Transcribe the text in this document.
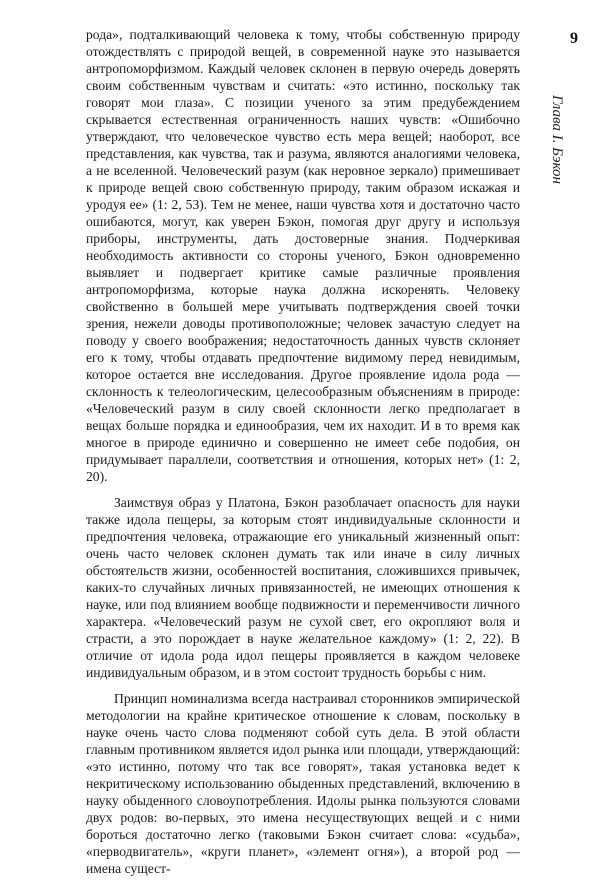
рода», подталкивающий человека к тому, чтобы собственную природу отождествлять с природой вещей, в современной науке это называется антропоморфизмом. Каждый человек склонен в первую очередь доверять своим собственным чувствам и считать: «это истинно, поскольку так говорят мои глаза». С позиции ученого за этим предубеждением скрывается естественная ограниченность наших чувств: «Ошибочно утверждают, что человеческое чувство есть мера вещей; наоборот, все представления, как чувства, так и разума, являются аналогиями человека, а не вселенной. Человеческий разум (как неровное зеркало) примешивает к природе вещей свою собственную природу, таким образом искажая и уродуя ее» (1: 2, 53). Тем не менее, наши чувства хотя и достаточно часто ошибаются, могут, как уверен Бэкон, помогая друг другу и используя приборы, инструменты, дать достоверные знания. Подчеркивая необходимость активности со стороны ученого, Бэкон одновременно выявляет и подвергает критике самые различные проявления антропоморфизма, которые наука должна искоренять. Человеку свойственно в большей мере учитывать подтверждения своей точки зрения, нежели доводы противоположные; человек зачастую следует на поводу у своего воображения; недостаточность данных чувств склоняет его к тому, чтобы отдавать предпочтение видимому перед невидимым, которое остается вне исследования. Другое проявление идола рода — склонность к телеологическим, целесообразным объяснениям в природе: «Человеческий разум в силу своей склонности легко предполагает в вещах больше порядка и единообразия, чем их находит. И в то время как многое в природе единично и совершенно не имеет себе подобия, он придумывает параллели, соответствия и отношения, которых нет» (1: 2, 20).

Заимствуя образ у Платона, Бэкон разоблачает опасность для науки также идола пещеры, за которым стоят индивидуальные склонности и предпочтения человека, отражающие его уникальный жизненный опыт: очень часто человек склонен думать так или иначе в силу личных обстоятельств жизни, особенностей воспитания, сложившихся привычек, каких-то случайных личных привязанностей, не имеющих отношения к науке, или под влиянием вообще подвижности и переменчивости личного характера. «Человеческий разум не сухой свет, его окропляют воля и страсти, а это порождает в науке желательное каждому» (1: 2, 22). В отличие от идола рода идол пещеры проявляется в каждом человеке индивидуальным образом, и в этом состоит трудность борьбы с ним.

Принцип номинализма всегда настраивал сторонников эмпирической методологии на крайне критическое отношение к словам, поскольку в науке очень часто слова подменяют собой суть дела. В этой области главным противником является идол рынка или площади, утверждающий: «это истинно, потому что так все говорят», такая установка ведет к некритическому использованию обыденных представлений, включению в науку обыденного словоупотребления. Идолы рынка пользуются словами двух родов: во-первых, это имена несуществующих вещей и с ними бороться достаточно легко (таковыми Бэкон считает слова: «судьба», «перводвигатель», «круги планет», «элемент огня»), а второй род — имена сущест-

9
Глава I. Бэкон
